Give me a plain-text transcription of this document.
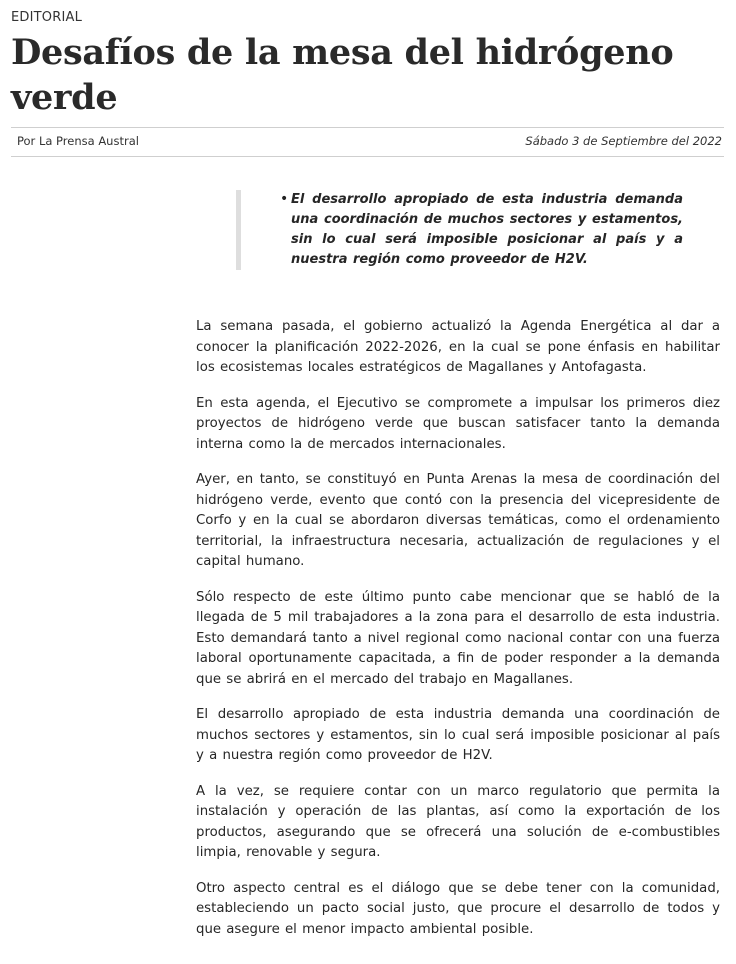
EDITORIAL
Desafíos de la mesa del hidrógeno verde
Por La Prensa Austral	Sábado 3 de Septiembre del 2022
• El desarrollo apropiado de esta industria demanda una coordinación de muchos sectores y estamentos, sin lo cual será imposible posicionar al país y a nuestra región como proveedor de H2V.

La semana pasada, el gobierno actualizó la Agenda Energética al dar a conocer la planificación 2022-2026, en la cual se pone énfasis en habilitar los ecosistemas locales estratégicos de Magallanes y Antofagasta.

En esta agenda, el Ejecutivo se compromete a impulsar los primeros diez proyectos de hidrógeno verde que buscan satisfacer tanto la demanda interna como la de mercados internacionales.

Ayer, en tanto, se constituyó en Punta Arenas la mesa de coordinación del hidrógeno verde, evento que contó con la presencia del vicepresidente de Corfo y en la cual se abordaron diversas temáticas, como el ordenamiento territorial, la infraestructura necesaria, actualización de regulaciones y el capital humano.

Sólo respecto de este último punto cabe mencionar que se habló de la llegada de 5 mil trabajadores a la zona para el desarrollo de esta industria. Esto demandará tanto a nivel regional como nacional contar con una fuerza laboral oportunamente capacitada, a fin de poder responder a la demanda que se abrirá en el mercado del trabajo en Magallanes.

El desarrollo apropiado de esta industria demanda una coordinación de muchos sectores y estamentos, sin lo cual será imposible posicionar al país y a nuestra región como proveedor de H2V.

A la vez, se requiere contar con un marco regulatorio que permita la instalación y operación de las plantas, así como la exportación de los productos, asegurando que se ofrecerá una solución de e-combustibles limpia, renovable y segura.

Otro aspecto central es el diálogo que se debe tener con la comunidad, estableciendo un pacto social justo, que procure el desarrollo de todos y que asegure el menor impacto ambiental posible.
